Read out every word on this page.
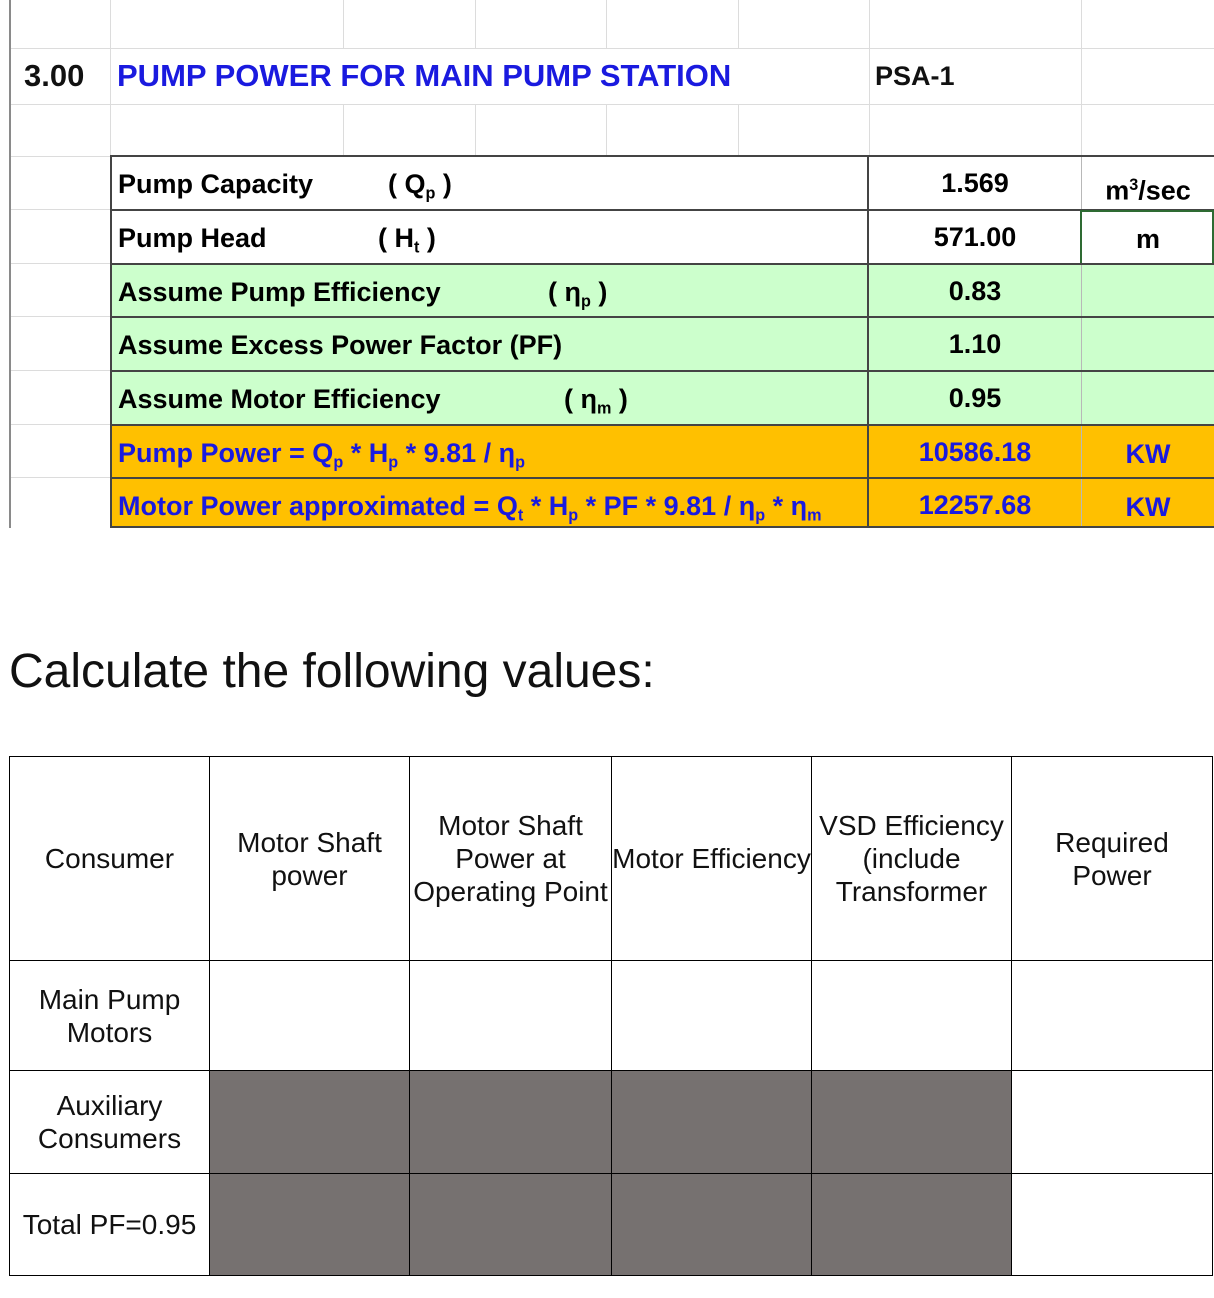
3.00 PUMP POWER FOR MAIN PUMP STATION	PSA-1
Pump Capacity	( $Q_p$ )	1.569	$m^3/\sec$
Pump Head	( $H_t$ )	571.00	m
Assume Pump Efficiency	( $\eta_p$ )	0.83
Assume Excess Power Factor (PF)	1.10
Assume Motor Efficiency	( $\eta_m$ )	0.95
Pump Power = $Q_p * H_p * 9.81 / \eta_p$	10586.18	KW
Motor Power approximated = $Q_t * H_p$ * PF * $9.81 / \eta_p * \eta_m$	12257.68	KW
Calculate the following values:
Consumer	Motor Shaft power	Motor Shaft Power at Operating Point	Motor Efficiency	VSD Efficiency (include Transformer	Required Power
Main Pump Motors					
Auxiliary Consumers					
Total PF=0.95					
